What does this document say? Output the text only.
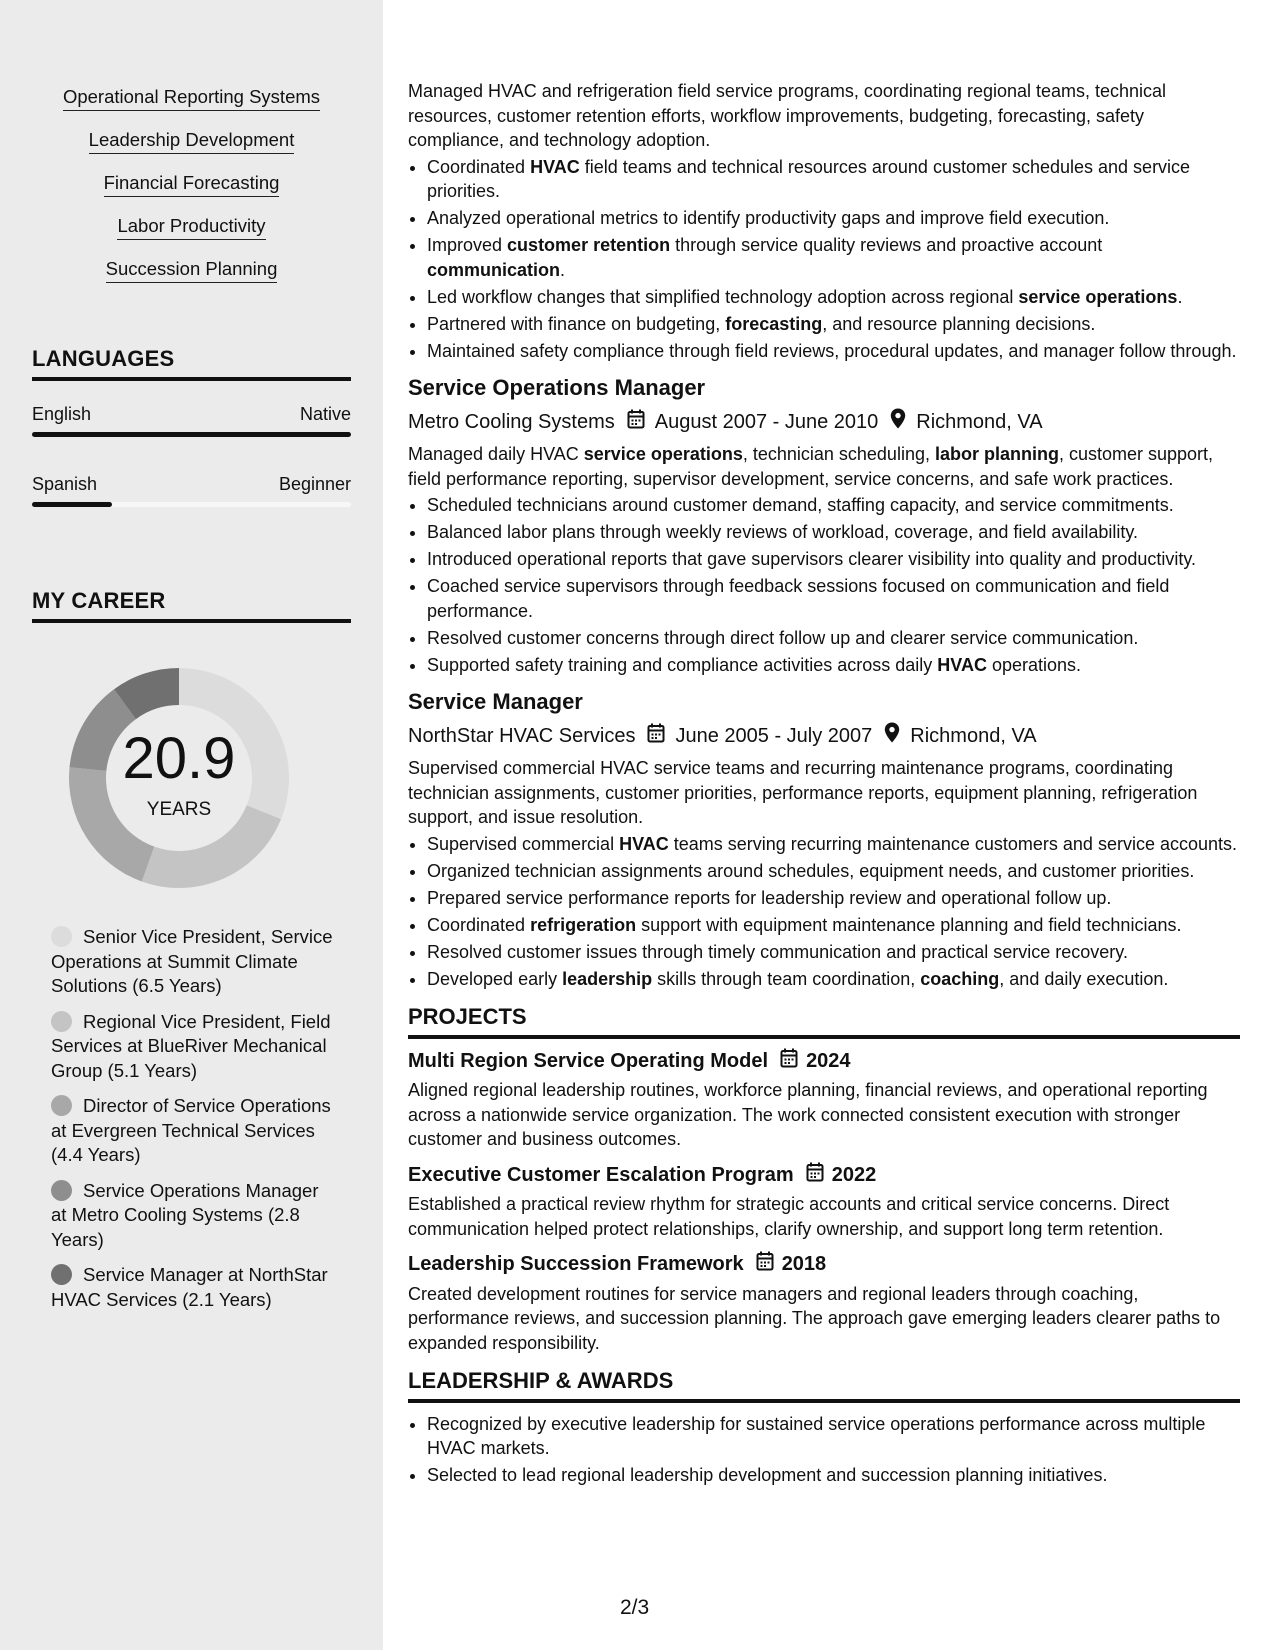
Operational Reporting Systems
Leadership Development
Financial Forecasting
Labor Productivity
Succession Planning
LANGUAGES
English	Native
Spanish	Beginner
MY CAREER
20.9
YEARS
Senior Vice President, Service Operations at Summit Climate Solutions (6.5 Years)
Regional Vice President, Field Services at BlueRiver Mechanical Group (5.1 Years)
Director of Service Operations at Evergreen Technical Services (4.4 Years)
Service Operations Manager at Metro Cooling Systems (2.8 Years)
Service Manager at NorthStar HVAC Services (2.1 Years)

Managed HVAC and refrigeration field service programs, coordinating regional teams, technical resources, customer retention efforts, workflow improvements, budgeting, forecasting, safety compliance, and technology adoption.

• Coordinated HVAC field teams and technical resources around customer schedules and service priorities.
• Analyzed operational metrics to identify productivity gaps and improve field execution.
• Improved customer retention through service quality reviews and proactive account communication.
• Led workflow changes that simplified technology adoption across regional service operations.
• Partnered with finance on budgeting, forecasting, and resource planning decisions.
• Maintained safety compliance through field reviews, procedural updates, and manager follow through.
Service Operations Manager
Metro Cooling Systems August 2007 - June 2010 Richmond, VA

Managed daily HVAC service operations, technician scheduling, labor planning, customer support, field performance reporting, supervisor development, service concerns, and safe work practices.

• Scheduled technicians around customer demand, staffing capacity, and service commitments.
• Balanced labor plans through weekly reviews of workload, coverage, and field availability.
• Introduced operational reports that gave supervisors clearer visibility into quality and productivity.
• Coached service supervisors through feedback sessions focused on communication and field performance.
• Resolved customer concerns through direct follow up and clearer service communication.
• Supported safety training and compliance activities across daily HVAC operations.
Service Manager
NorthStar HVAC Services June 2005 - July 2007 Richmond, VA

Supervised commercial HVAC service teams and recurring maintenance programs, coordinating technician assignments, customer priorities, performance reports, equipment planning, refrigeration support, and issue resolution.

• Supervised commercial HVAC teams serving recurring maintenance customers and service accounts.
• Organized technician assignments around schedules, equipment needs, and customer priorities.
• Prepared service performance reports for leadership review and operational follow up.
• Coordinated refrigeration support with equipment maintenance planning and field technicians.
• Resolved customer issues through timely communication and practical service recovery.
• Developed early leadership skills through team coordination, coaching, and daily execution.
PROJECTS
Multi Region Service Operating Model 2024

Aligned regional leadership routines, workforce planning, financial reviews, and operational reporting across a nationwide service organization. The work connected consistent execution with stronger customer and business outcomes.

Executive Customer Escalation Program 2022

Established a practical review rhythm for strategic accounts and critical service concerns. Direct communication helped protect relationships, clarify ownership, and support long term retention.

Leadership Succession Framework 2018

Created development routines for service managers and regional leaders through coaching, performance reviews, and succession planning. The approach gave emerging leaders clearer paths to expanded responsibility.

LEADERSHIP & AWARDS
• Recognized by executive leadership for sustained service operations performance across multiple HVAC markets.
• Selected to lead regional leadership development and succession planning initiatives.
2/3
